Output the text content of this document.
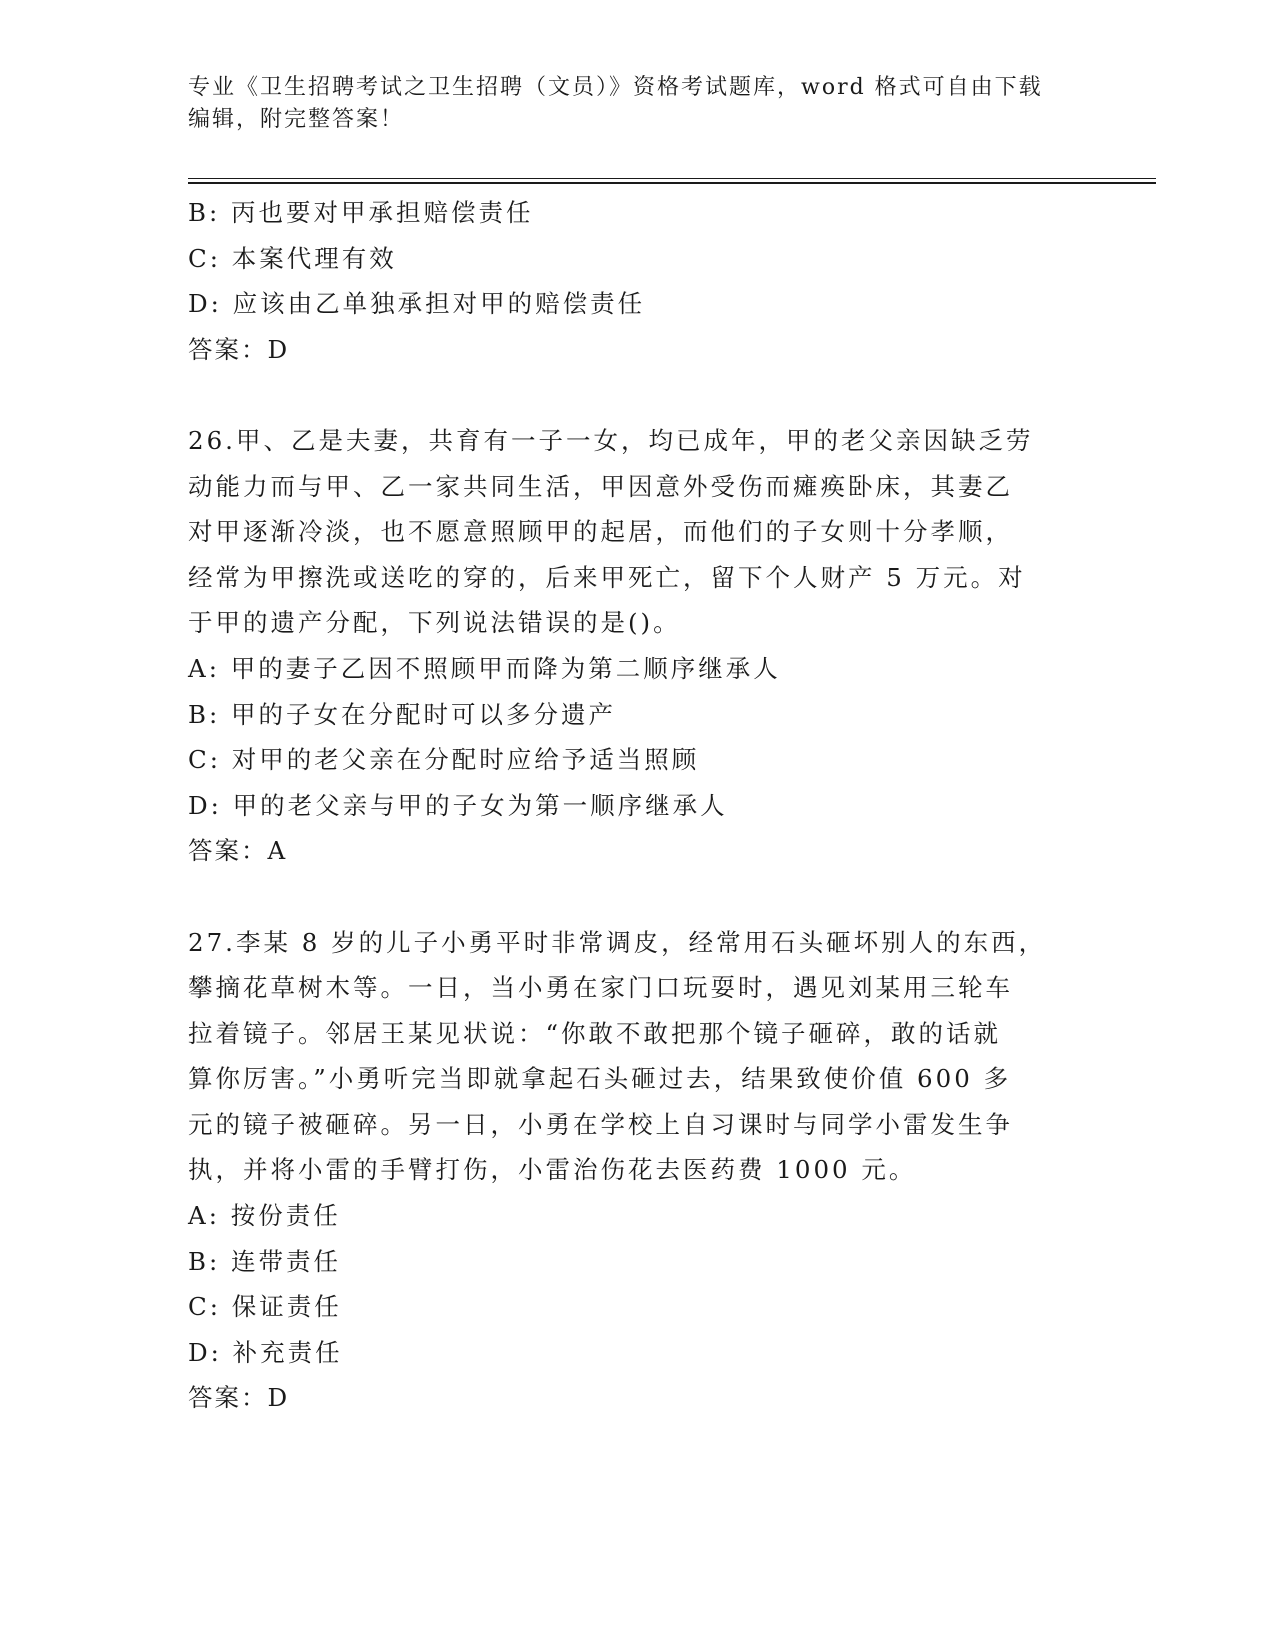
专业《卫生招聘考试之卫生招聘（文员）》资格考试题库，word 格式可自由下载
编辑，附完整答案！
B: 丙也要对甲承担赔偿责任
C: 本案代理有效
D: 应该由乙单独承担对甲的赔偿责任
答案：D
26.甲、乙是夫妻，共育有一子一女，均已成年，甲的老父亲因缺乏劳
动能力而与甲、乙一家共同生活，甲因意外受伤而瘫痪卧床，其妻乙
对甲逐渐冷淡，也不愿意照顾甲的起居，而他们的子女则十分孝顺，
经常为甲擦洗或送吃的穿的，后来甲死亡，留下个人财产 5 万元。对
于甲的遗产分配，下列说法错误的是()。
A: 甲的妻子乙因不照顾甲而降为第二顺序继承人
B: 甲的子女在分配时可以多分遗产
C: 对甲的老父亲在分配时应给予适当照顾
D: 甲的老父亲与甲的子女为第一顺序继承人
答案：A
27.李某 8 岁的儿子小勇平时非常调皮，经常用石头砸坏别人的东西，
攀摘花草树木等。一日，当小勇在家门口玩耍时，遇见刘某用三轮车
拉着镜子。邻居王某见状说：“你敢不敢把那个镜子砸碎，敢的话就
算你厉害。”小勇听完当即就拿起石头砸过去，结果致使价值 600 多
元的镜子被砸碎。另一日，小勇在学校上自习课时与同学小雷发生争
执，并将小雷的手臂打伤，小雷治伤花去医药费 1000 元。
A: 按份责任
B: 连带责任
C: 保证责任
D: 补充责任
答案：D
